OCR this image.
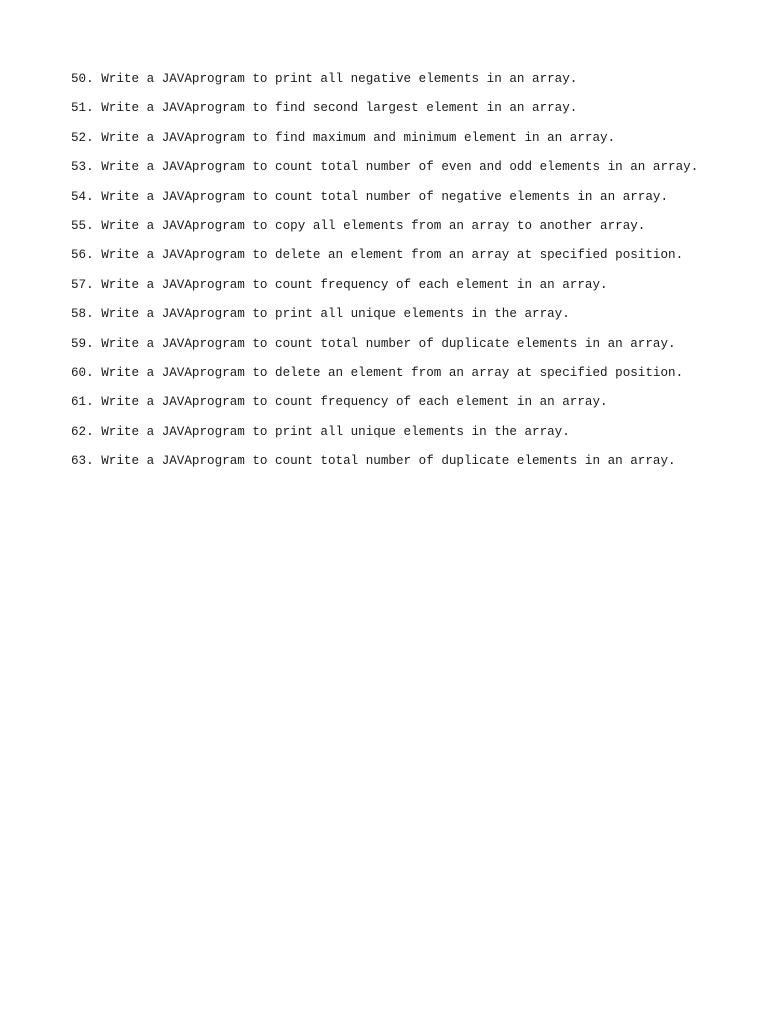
50. Write a JAVAprogram to print all negative elements in an array.
51. Write a JAVAprogram to find second largest element in an array.
52. Write a JAVAprogram to find maximum and minimum element in an array.
53. Write a JAVAprogram to count total number of even and odd elements in an array.
54. Write a JAVAprogram to count total number of negative elements in an array.
55. Write a JAVAprogram to copy all elements from an array to another array.
56. Write a JAVAprogram to delete an element from an array at specified position.
57. Write a JAVAprogram to count frequency of each element in an array.
58. Write a JAVAprogram to print all unique elements in the array.
59. Write a JAVAprogram to count total number of duplicate elements in an array.
60. Write a JAVAprogram to delete an element from an array at specified position.
61. Write a JAVAprogram to count frequency of each element in an array.
62. Write a JAVAprogram to print all unique elements in the array.
63. Write a JAVAprogram to count total number of duplicate elements in an array.
